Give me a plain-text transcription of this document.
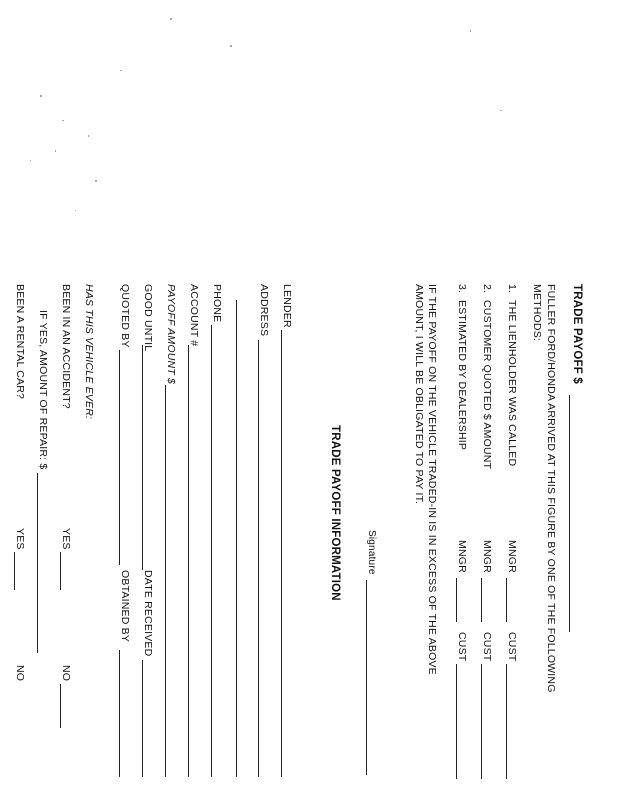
TRADE PAYOFF $
FULLER FORD/HONDA ARRIVED AT THIS FIGURE BY ONE OF THE FOLLOWING
METHODS:
1.
THE LIENHOLDER WAS CALLED
MNGR
CUST
2.
CUSTOMER QUOTED $ AMOUNT
MNGR
CUST
3.
ESTIMATED BY DEALERSHIP
MNGR
CUST
IF THE PAYOFF ON THE VEHICLE TRADED-IN IS IN EXCESS OF THE ABOVE
AMOUNT, I WILL BE OBLIGATED TO PAY IT.
Signature
TRADE PAYOFF INFORMATION
LENDER
ADDRESS
PHONE
ACCOUNT #
PAYOFF AMOUNT $
GOOD UNTIL
DATE RECEIVED
QUOTED BY
OBTAINED BY
HAS THIS VEHICLE EVER:
BEEN IN AN ACCIDENT?
YES
NO
IF YES, AMOUNT OF REPAIR: $
BEEN A RENTAL CAR?
YES
NO
